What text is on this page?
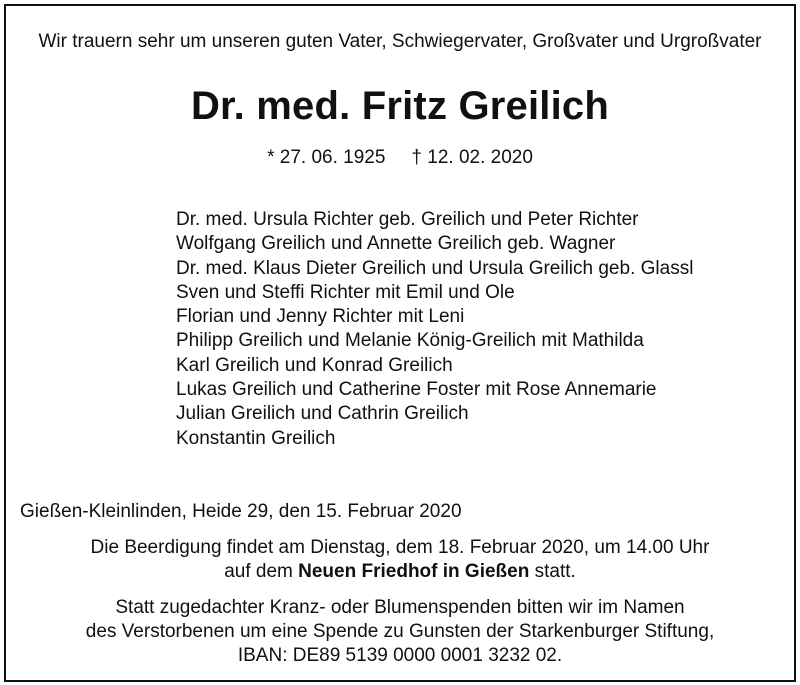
Wir trauern sehr um unseren guten Vater, Schwiegervater, Großvater und Urgroßvater
Dr. med. Fritz Greilich
* 27. 06. 1925 † 12. 02. 2020
Dr. med. Ursula Richter geb. Greilich und Peter Richter
Wolfgang Greilich und Annette Greilich geb. Wagner
Dr. med. Klaus Dieter Greilich und Ursula Greilich geb. Glassl
Sven und Steffi Richter mit Emil und Ole
Florian und Jenny Richter mit Leni
Philipp Greilich und Melanie König-Greilich mit Mathilda
Karl Greilich und Konrad Greilich
Lukas Greilich und Catherine Foster mit Rose Annemarie
Julian Greilich und Cathrin Greilich
Konstantin Greilich
Gießen-Kleinlinden, Heide 29, den 15. Februar 2020
Die Beerdigung findet am Dienstag, dem 18. Februar 2020, um 14.00 Uhr
auf dem Neuen Friedhof in Gießen statt.
Statt zugedachter Kranz- oder Blumenspenden bitten wir im Namen
des Verstorbenen um eine Spende zu Gunsten der Starkenburger Stiftung,
IBAN: DE89 5139 0000 0001 3232 02.
